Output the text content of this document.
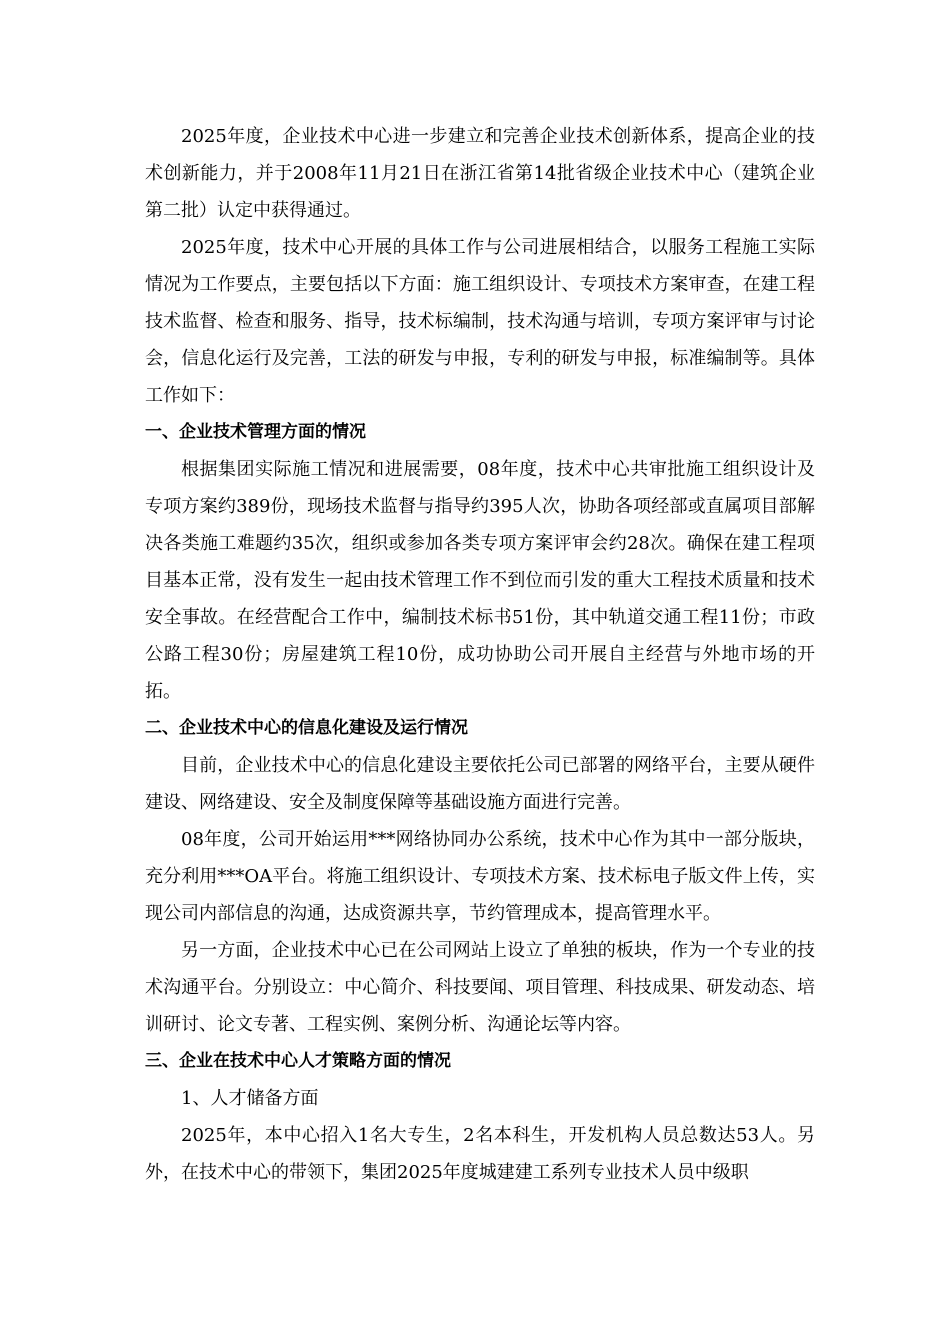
2025年度，企业技术中心进一步建立和完善企业技术创新体系，提高企业的技术创新能力，并于2008年11月21日在浙江省第14批省级企业技术中心（建筑企业第二批）认定中获得通过。

2025年度，技术中心开展的具体工作与公司进展相结合，以服务工程施工实际情况为工作要点，主要包括以下方面：施工组织设计、专项技术方案审查，在建工程技术监督、检查和服务、指导，技术标编制，技术沟通与培训，专项方案评审与讨论会，信息化运行及完善，工法的研发与申报，专利的研发与申报，标准编制等。具体工作如下：

一、企业技术管理方面的情况

根据集团实际施工情况和进展需要，08年度，技术中心共审批施工组织设计及专项方案约389份，现场技术监督与指导约395人次，协助各项经部或直属项目部解决各类施工难题约35次，组织或参加各类专项方案评审会约28次。确保在建工程项目基本正常，没有发生一起由技术管理工作不到位而引发的重大工程技术质量和技术安全事故。在经营配合工作中，编制技术标书51份，其中轨道交通工程11份；市政公路工程30份；房屋建筑工程10份，成功协助公司开展自主经营与外地市场的开拓。

二、企业技术中心的信息化建设及运行情况

目前，企业技术中心的信息化建设主要依托公司已部署的网络平台，主要从硬件建设、网络建设、安全及制度保障等基础设施方面进行完善。

08年度，公司开始运用***网络协同办公系统，技术中心作为其中一部分版块，充分利用***OA平台。将施工组织设计、专项技术方案、技术标电子版文件上传，实现公司内部信息的沟通，达成资源共享，节约管理成本，提高管理水平。

另一方面，企业技术中心已在公司网站上设立了单独的板块，作为一个专业的技术沟通平台。分别设立：中心简介、科技要闻、项目管理、科技成果、研发动态、培训研讨、论文专著、工程实例、案例分析、沟通论坛等内容。

三、企业在技术中心人才策略方面的情况

1、人才储备方面

2025年，本中心招入1名大专生，2名本科生，开发机构人员总数达53人。另外，在技术中心的带领下，集团2025年度城建建工系列专业技术人员中级职
